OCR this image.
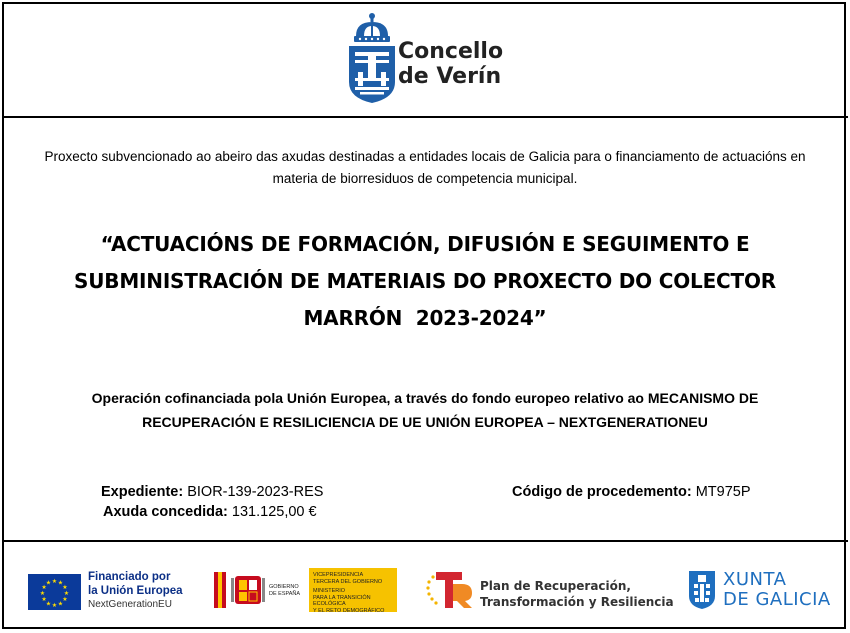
Concello
de Verín
Proxecto subvencionado ao abeiro das axudas destinadas a entidades locais de Galicia para o financiamento de actuacións en materia de biorresiduos de competencia municipal.
“ACTUACIÓNS DE FORMACIÓN, DIFUSIÓN E SEGUIMENTO E
SUBMINISTRACIÓN DE MATERIAIS DO PROXECTO DO COLECTOR
MARRÓN  2023-2024”
Operación cofinanciada pola Unión Europea, a través do fondo europeo relativo ao MECANISMO DE
RECUPERACIÓN E RESILICIENCIA DE UE UNIÓN EUROPEA – NEXTGENERATIONEU
Expediente: BIOR-139-2023-RES
Axuda concedida: 131.125,00 €
Código de procedemento: MT975P
★ ★
★
★
★
★
★
★
★
★
★
★
Financiado por
la Unión Europea
NextGenerationEU
GOBIERNO
DE ESPAÑA
VICEPRESIDENCIA
TERCERA DEL GOBIERNO
MINISTERIO
PARA LA TRANSICIÓN ECOLÓGICA
Y EL RETO DEMOGRÁFICO
Plan de Recuperación,
Transformación y Resiliencia
XUNTA
DE GALICIA
